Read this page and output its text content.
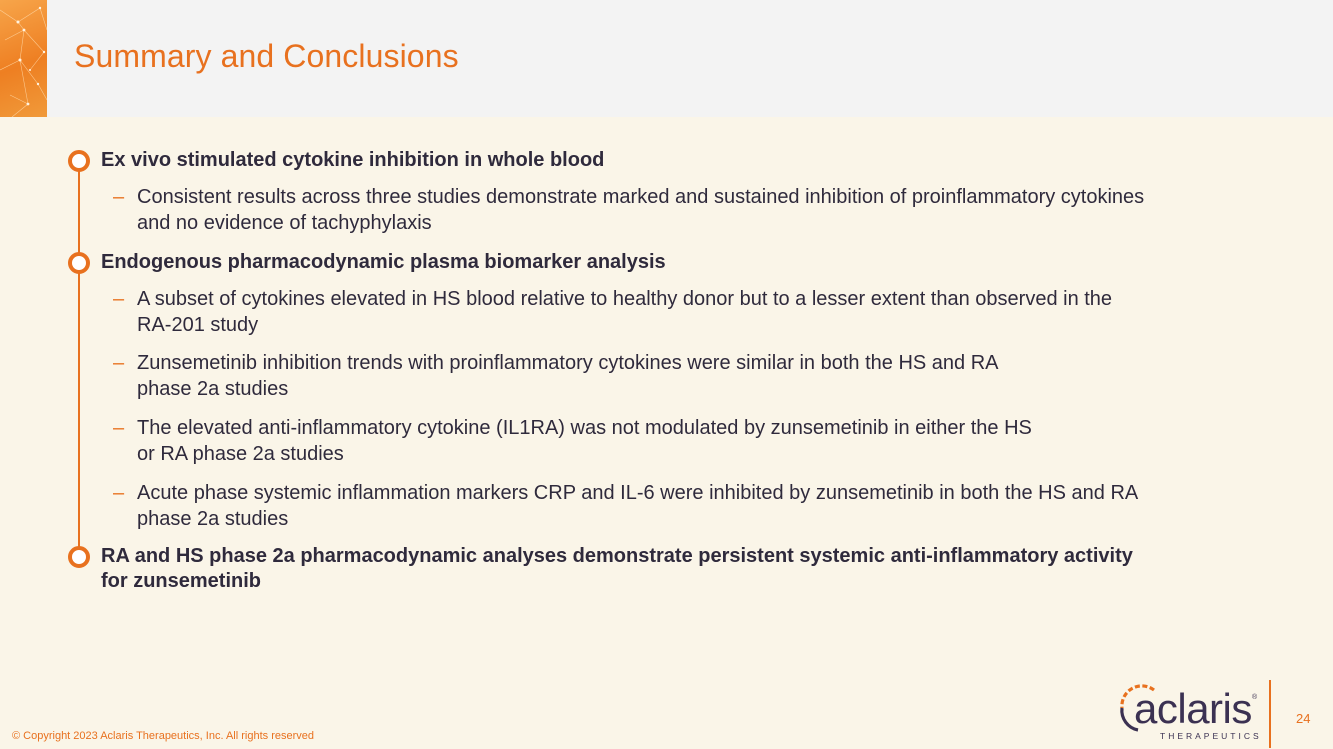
Summary and Conclusions
Ex vivo stimulated cytokine inhibition in whole blood
– Consistent results across three studies demonstrate marked and sustained inhibition of proinflammatory cytokines
and no evidence of tachyphylaxis
Endogenous pharmacodynamic plasma biomarker analysis
– A subset of cytokines elevated in HS blood relative to healthy donor but to a lesser extent than observed in the
RA-201 study
– Zunsemetinib inhibition trends with proinflammatory cytokines were similar in both the HS and RA
phase 2a studies
– The elevated anti-inflammatory cytokine (IL1RA) was not modulated by zunsemetinib in either the HS
or RA phase 2a studies
– Acute phase systemic inflammation markers CRP and IL-6 were inhibited by zunsemetinib in both the HS and RA
phase 2a studies
RA and HS phase 2a pharmacodynamic analyses demonstrate persistent systemic anti-inflammatory activity
for zunsemetinib
© Copyright 2023 Aclaris Therapeutics, Inc. All rights reserved
aclaris ®
THERAPEUTICS
24
